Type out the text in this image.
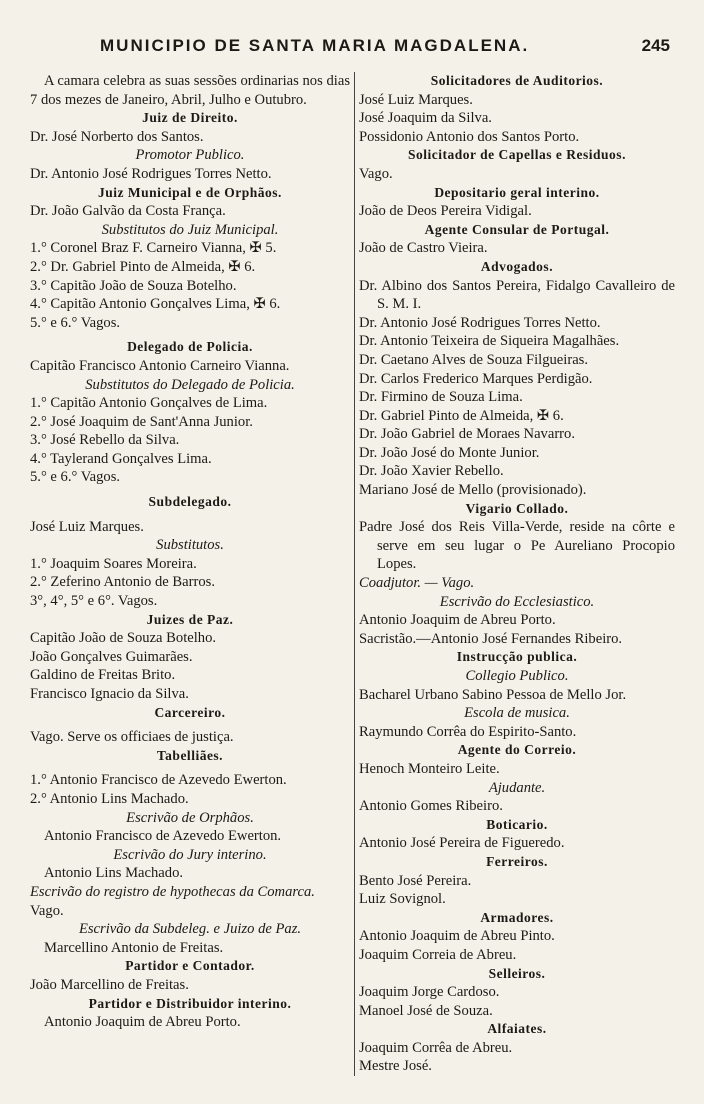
MUNICIPIO DE SANTA MARIA MAGDALENA.	245
A camara celebra as suas sessões ordinarias nos dias 7 dos mezes de Janeiro, Abril, Julho e Outubro.
Juiz de Direito.
Dr. José Norberto dos Santos.
Promotor Publico.
Dr. Antonio José Rodrigues Torres Netto.
Juiz Municipal e de Orphãos.
Dr. João Galvão da Costa França.
Substitutos do Juiz Municipal.
1.° Coronel Braz F. Carneiro Vianna, ✠ 5.
2.° Dr. Gabriel Pinto de Almeida, ✠ 6.
3.° Capitão João de Souza Botelho.
4.° Capitão Antonio Gonçalves Lima, ✠ 6.
5.° e 6.° Vagos.
Delegado de Policia.
Capitão Francisco Antonio Carneiro Vianna.
Substitutos do Delegado de Policia.
1.° Capitão Antonio Gonçalves de Lima.
2.° José Joaquim de Sant'Anna Junior.
3.° José Rebello da Silva.
4.° Taylerand Gonçalves Lima.
5.° e 6.° Vagos.
Subdelegado.
José Luiz Marques.
Substitutos.
1.° Joaquim Soares Moreira.
2.° Zeferino Antonio de Barros.
3°, 4°, 5° e 6°. Vagos.
Juizes de Paz.
Capitão João de Souza Botelho.
João Gonçalves Guimarães.
Galdino de Freitas Brito.
Francisco Ignacio da Silva.
Carcereiro.
Vago. Serve os officiaes de justiça.
Tabelliães.
1.° Antonio Francisco de Azevedo Ewerton.
2.° Antonio Lins Machado.
Escrivão de Orphãos.
Antonio Francisco de Azevedo Ewerton.
Escrivão do Jury interino.
Antonio Lins Machado.
Escrivão do registro de hypothecas da Comarca.
Vago.
Escrivão da Subdeleg. e Juizo de Paz.
Marcellino Antonio de Freitas.
Partidor e Contador.
João Marcellino de Freitas.
Partidor e Distribuidor interino.
Antonio Joaquim de Abreu Porto.
Solicitadores de Auditorios.
José Luiz Marques.
José Joaquim da Silva.
Possidonio Antonio dos Santos Porto.
Solicitador de Capellas e Residuos.
Vago.
Depositario geral interino.
João de Deos Pereira Vidigal.
Agente Consular de Portugal.
João de Castro Vieira.
Advogados.
Dr. Albino dos Santos Pereira, Fidalgo Cavalleiro de S. M. I.
Dr. Antonio José Rodrigues Torres Netto.
Dr. Antonio Teixeira de Siqueira Magalhães.
Dr. Caetano Alves de Souza Filgueiras.
Dr. Carlos Frederico Marques Perdigão.
Dr. Firmino de Souza Lima.
Dr. Gabriel Pinto de Almeida, ✠ 6.
Dr. João Gabriel de Moraes Navarro.
Dr. João José do Monte Junior.
Dr. João Xavier Rebello.
Mariano José de Mello (provisionado).
Vigario Collado.
Padre José dos Reis Villa-Verde, reside na côrte e serve em seu lugar o Pe Aureliano Procopio Lopes.
Coadjutor. — Vago.
Escrivão do Ecclesiastico.
Antonio Joaquim de Abreu Porto.
Sacristão.—Antonio José Fernandes Ribeiro.
Instrucção publica.
Collegio Publico.
Bacharel Urbano Sabino Pessoa de Mello Jor.
Escola de musica.
Raymundo Corrêa do Espirito-Santo.
Agente do Correio.
Henoch Monteiro Leite.
Ajudante.
Antonio Gomes Ribeiro.
Boticario.
Antonio José Pereira de Figueredo.
Ferreiros.
Bento José Pereira.
Luiz Sovignol.
Armadores.
Antonio Joaquim de Abreu Pinto.
Joaquim Correia de Abreu.
Selleiros.
Joaquim Jorge Cardoso.
Manoel José de Souza.
Alfaiates.
Joaquim Corrêa de Abreu.
Mestre José.
